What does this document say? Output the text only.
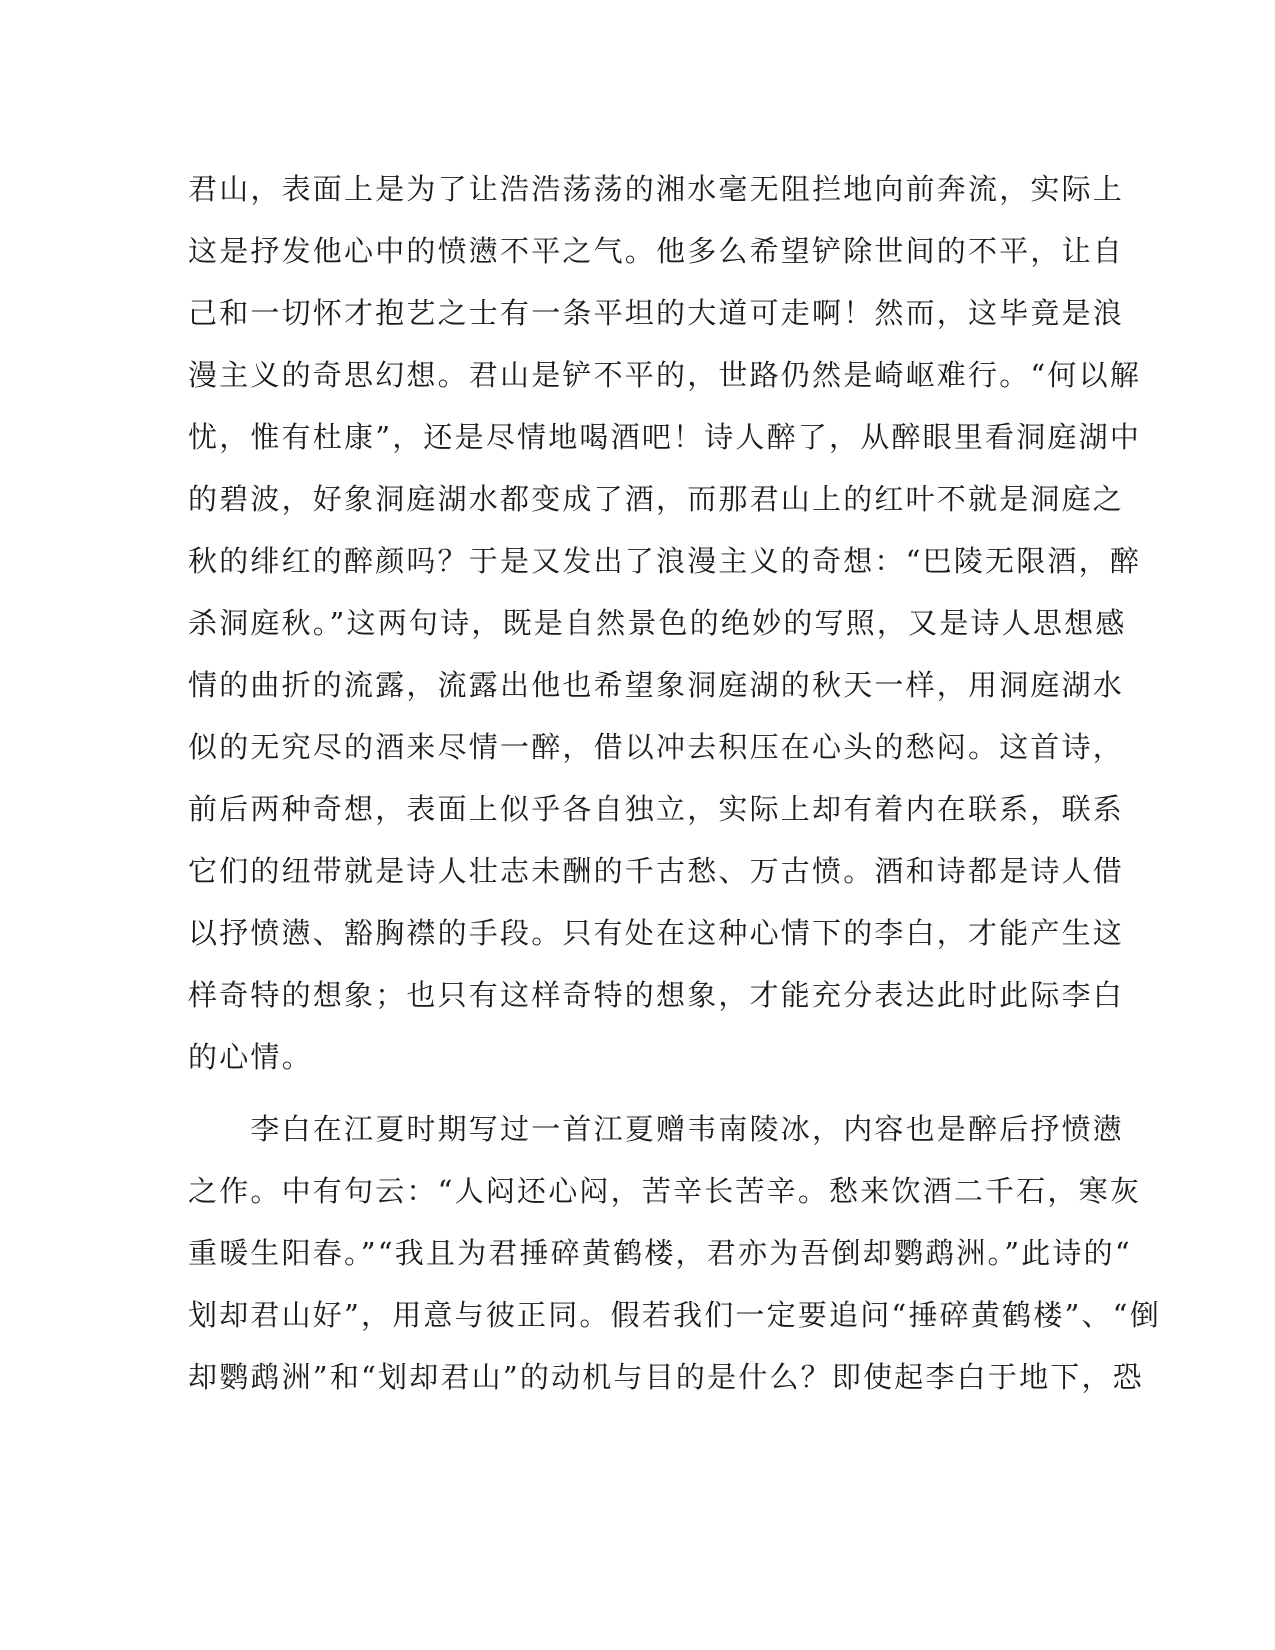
君山，表面上是为了让浩浩荡荡的湘水毫无阻拦地向前奔流，实际上
这是抒发他心中的愤懑不平之气。他多么希望铲除世间的不平，让自
己和一切怀才抱艺之士有一条平坦的大道可走啊！然而，这毕竟是浪
漫主义的奇思幻想。君山是铲不平的，世路仍然是崎岖难行。“何以解
忧，惟有杜康”，还是尽情地喝酒吧！诗人醉了，从醉眼里看洞庭湖中
的碧波，好象洞庭湖水都变成了酒，而那君山上的红叶不就是洞庭之
秋的绯红的醉颜吗？于是又发出了浪漫主义的奇想：“巴陵无限酒，醉
杀洞庭秋。”这两句诗，既是自然景色的绝妙的写照，又是诗人思想感
情的曲折的流露，流露出他也希望象洞庭湖的秋天一样，用洞庭湖水
似的无究尽的酒来尽情一醉，借以冲去积压在心头的愁闷。这首诗，
前后两种奇想，表面上似乎各自独立，实际上却有着内在联系，联系
它们的纽带就是诗人壮志未酬的千古愁、万古愤。酒和诗都是诗人借
以抒愤懑、豁胸襟的手段。只有处在这种心情下的李白，才能产生这
样奇特的想象；也只有这样奇特的想象，才能充分表达此时此际李白
的心情。
　　李白在江夏时期写过一首江夏赠韦南陵冰，内容也是醉后抒愤懑
之作。中有句云：“人闷还心闷，苦辛长苦辛。愁来饮酒二千石，寒灰
重暖生阳春。”“我且为君捶碎黄鹤楼，君亦为吾倒却鹦鹉洲。”此诗的“
划却君山好”，用意与彼正同。假若我们一定要追问“捶碎黄鹤楼”、“倒
却鹦鹉洲”和“划却君山”的动机与目的是什么？即使起李白于地下，恐
